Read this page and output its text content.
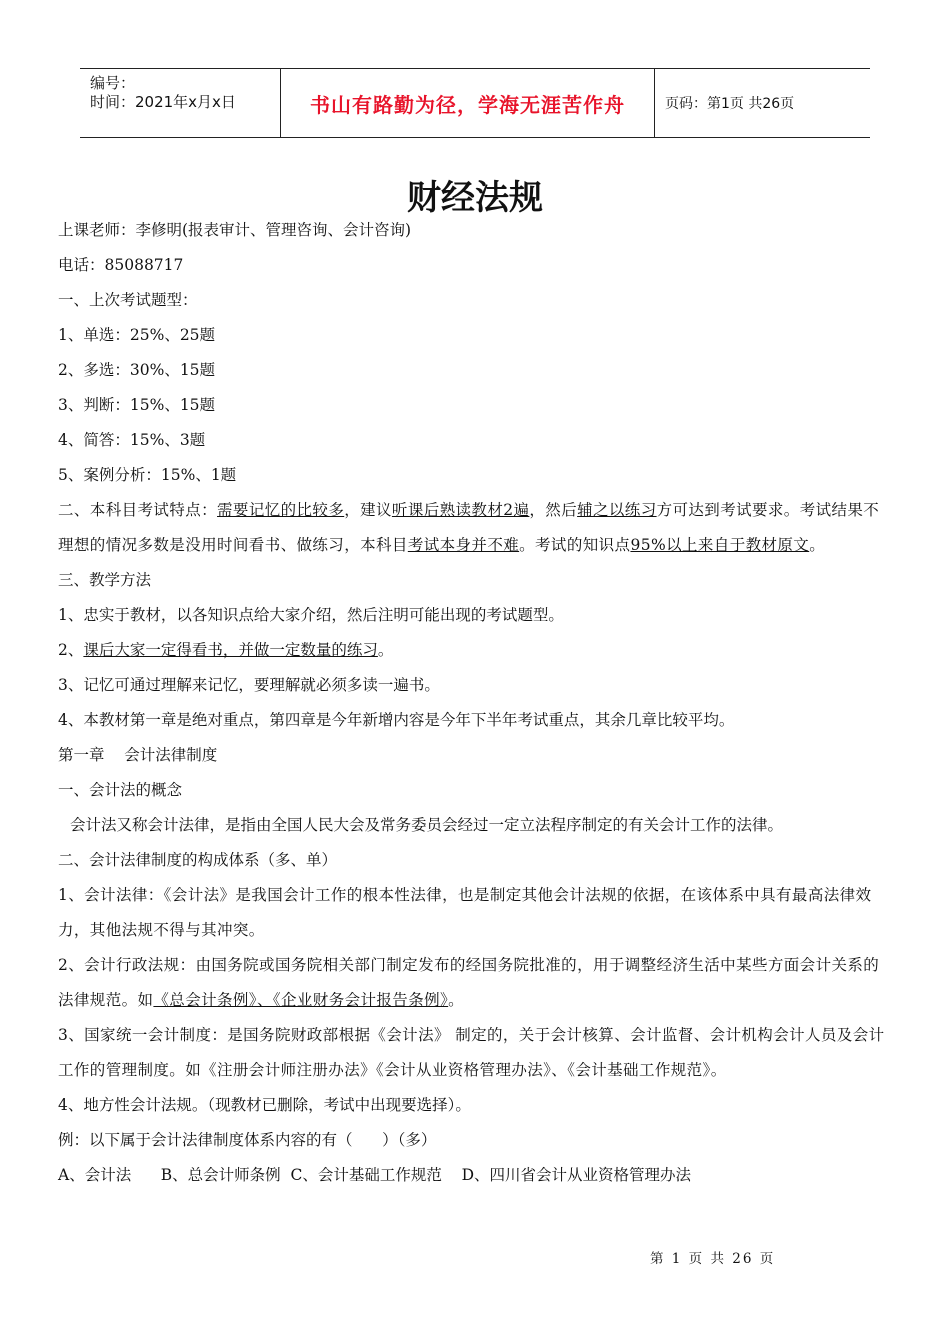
编号：
时间：2021年x月x日	书山有路勤为径，学海无涯苦作舟	页码：第1页 共26页
财经法规

上课老师：李修明(报表审计、管理咨询、会计咨询)

电话：85088717

一、上次考试题型：

1、单选：25%、25题

2、多选：30%、15题

3、判断：15%、15题

4、简答：15%、3题

5、案例分析：15%、1题

二、本科目考试特点：需要记忆的比较多，建议听课后熟读教材2遍，然后辅之以练习方可达到考试要求。考试结果不理想的情况多数是没用时间看书、做练习，本科目考试本身并不难。考试的知识点95%以上来自于教材原文。

三、教学方法

1、忠实于教材，以各知识点给大家介绍，然后注明可能出现的考试题型。

2、课后大家一定得看书，并做一定数量的练习。

3、记忆可通过理解来记忆，要理解就必须多读一遍书。

4、本教材第一章是绝对重点，第四章是今年新增内容是今年下半年考试重点，其余几章比较平均。

第一章    会计法律制度

一、会计法的概念

会计法又称会计法律，是指由全国人民大会及常务委员会经过一定立法程序制定的有关会计工作的法律。

二、会计法律制度的构成体系（多、单）

1、会计法律：《会计法》是我国会计工作的根本性法律，也是制定其他会计法规的依据，在该体系中具有最高法律效力，其他法规不得与其冲突。

2、会计行政法规：由国务院或国务院相关部门制定发布的经国务院批准的，用于调整经济生活中某些方面会计关系的法律规范。如《总会计条例》、《企业财务会计报告条例》。

3、国家统一会计制度：是国务院财政部根据《会计法》 制定的，关于会计核算、会计监督、会计机构会计人员及会计工作的管理制度。如《注册会计师注册办法》《会计从业资格管理办法》、《会计基础工作规范》。

4、地方性会计法规。（现教材已删除，考试中出现要选择）。

例：以下属于会计法律制度体系内容的有（      ）（多）

A、会计法      B、总会计师条例  C、会计基础工作规范    D、四川省会计从业资格管理办法

第 1 页 共 26 页
